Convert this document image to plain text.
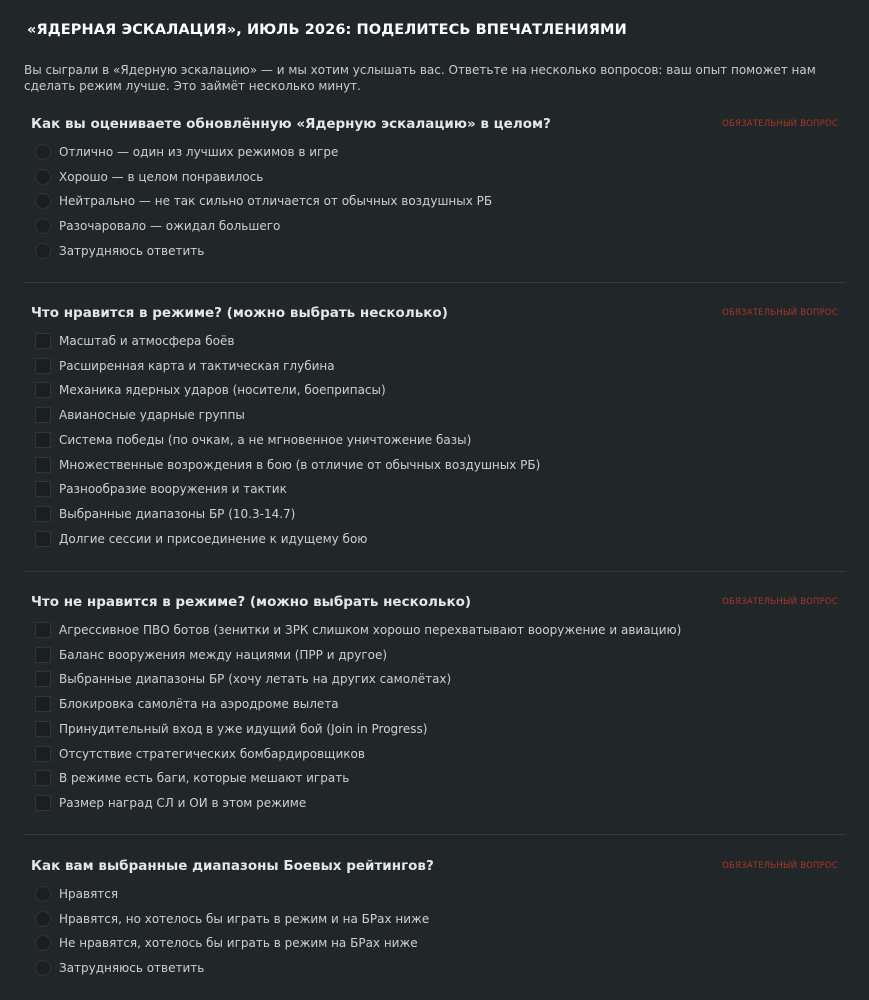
«ЯДЕРНАЯ ЭСКАЛАЦИЯ», ИЮЛЬ 2026: ПОДЕЛИТЕСЬ ВПЕЧАТЛЕНИЯМИ
Вы сыграли в «Ядерную эскалацию» — и мы хотим услышать вас. Ответьте на несколько вопросов: ваш опыт поможет нам сделать режим лучше. Это займёт несколько минут.
Как вы оцениваете обновлённую «Ядерную эскалацию» в целом?	ОБЯЗАТЕЛЬНЫЙ ВОПРОС
Отлично — один из лучших режимов в игре
Хорошо — в целом понравилось
Нейтрально — не так сильно отличается от обычных воздушных РБ
Разочаровало — ожидал большего
Затрудняюсь ответить
Что нравится в режиме? (можно выбрать несколько)	ОБЯЗАТЕЛЬНЫЙ ВОПРОС
Масштаб и атмосфера боёв
Расширенная карта и тактическая глубина
Механика ядерных ударов (носители, боеприпасы)
Авианосные ударные группы
Система победы (по очкам, а не мгновенное уничтожение базы)
Множественные возрождения в бою (в отличие от обычных воздушных РБ)
Разнообразие вооружения и тактик
Выбранные диапазоны БР (10.3-14.7)
Долгие сессии и присоединение к идущему бою
Что не нравится в режиме? (можно выбрать несколько)	ОБЯЗАТЕЛЬНЫЙ ВОПРОС
Агрессивное ПВО ботов (зенитки и ЗРК слишком хорошо перехватывают вооружение и авиацию)
Баланс вооружения между нациями (ПРР и другое)
Выбранные диапазоны БР (хочу летать на других самолётах)
Блокировка самолёта на аэродроме вылета
Принудительный вход в уже идущий бой (Join in Progress)
Отсутствие стратегических бомбардировщиков
В режиме есть баги, которые мешают играть
Размер наград СЛ и ОИ в этом режиме
Как вам выбранные диапазоны Боевых рейтингов?	ОБЯЗАТЕЛЬНЫЙ ВОПРОС
Нравятся
Нравятся, но хотелось бы играть в режим и на БРах ниже
Не нравятся, хотелось бы играть в режим на БРах ниже
Затрудняюсь ответить
